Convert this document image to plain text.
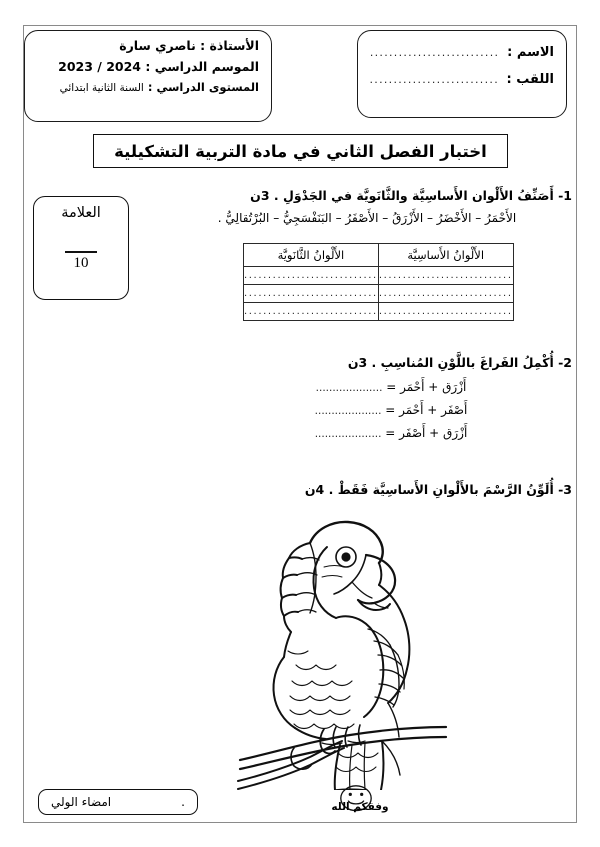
الأستاذة : ناصري سارة
الموسم الدراسي : 2024 / 2023
المستوى الدراسي : السنة الثانية ابتدائي
الاسم :
...........................
اللقب :
...........................
اختبار الفصل الثاني في مادة التربية التشكيلية
العلامة
10
1- أَصَنِّفُ الأَلْوان الأَساسِيَّة والثَّانَويَّة في الجَدْوَلِ . 3ن
الأَحْمَرُ – الأَخْضَرُ – الأَزْرَقُ – الأَصْفَرُ – البَنَفْسَجِيُّ – البُرْتُقالِيُّ .
الأَلْوانُ الأَساسِيَّة	الأَلْوانُ الثَّانَويَّة
............................	............................
............................	............................
............................	............................
2- أُكْمِلُ الفَراغَ باللَّوْنِ المُناسِبِ . 3ن
أَزْرَق + أَحْمَر = ....................
أَصْفَر + أَحْمَر = ....................
أَزْرَق + أَصْفَر = ....................
3- أُلَوِّنُ الرَّسْمَ بالأَلْوانِ الأَساسِيَّة فَقَطْ . 4ن
امضاء الولي	.	وفقكم الله
